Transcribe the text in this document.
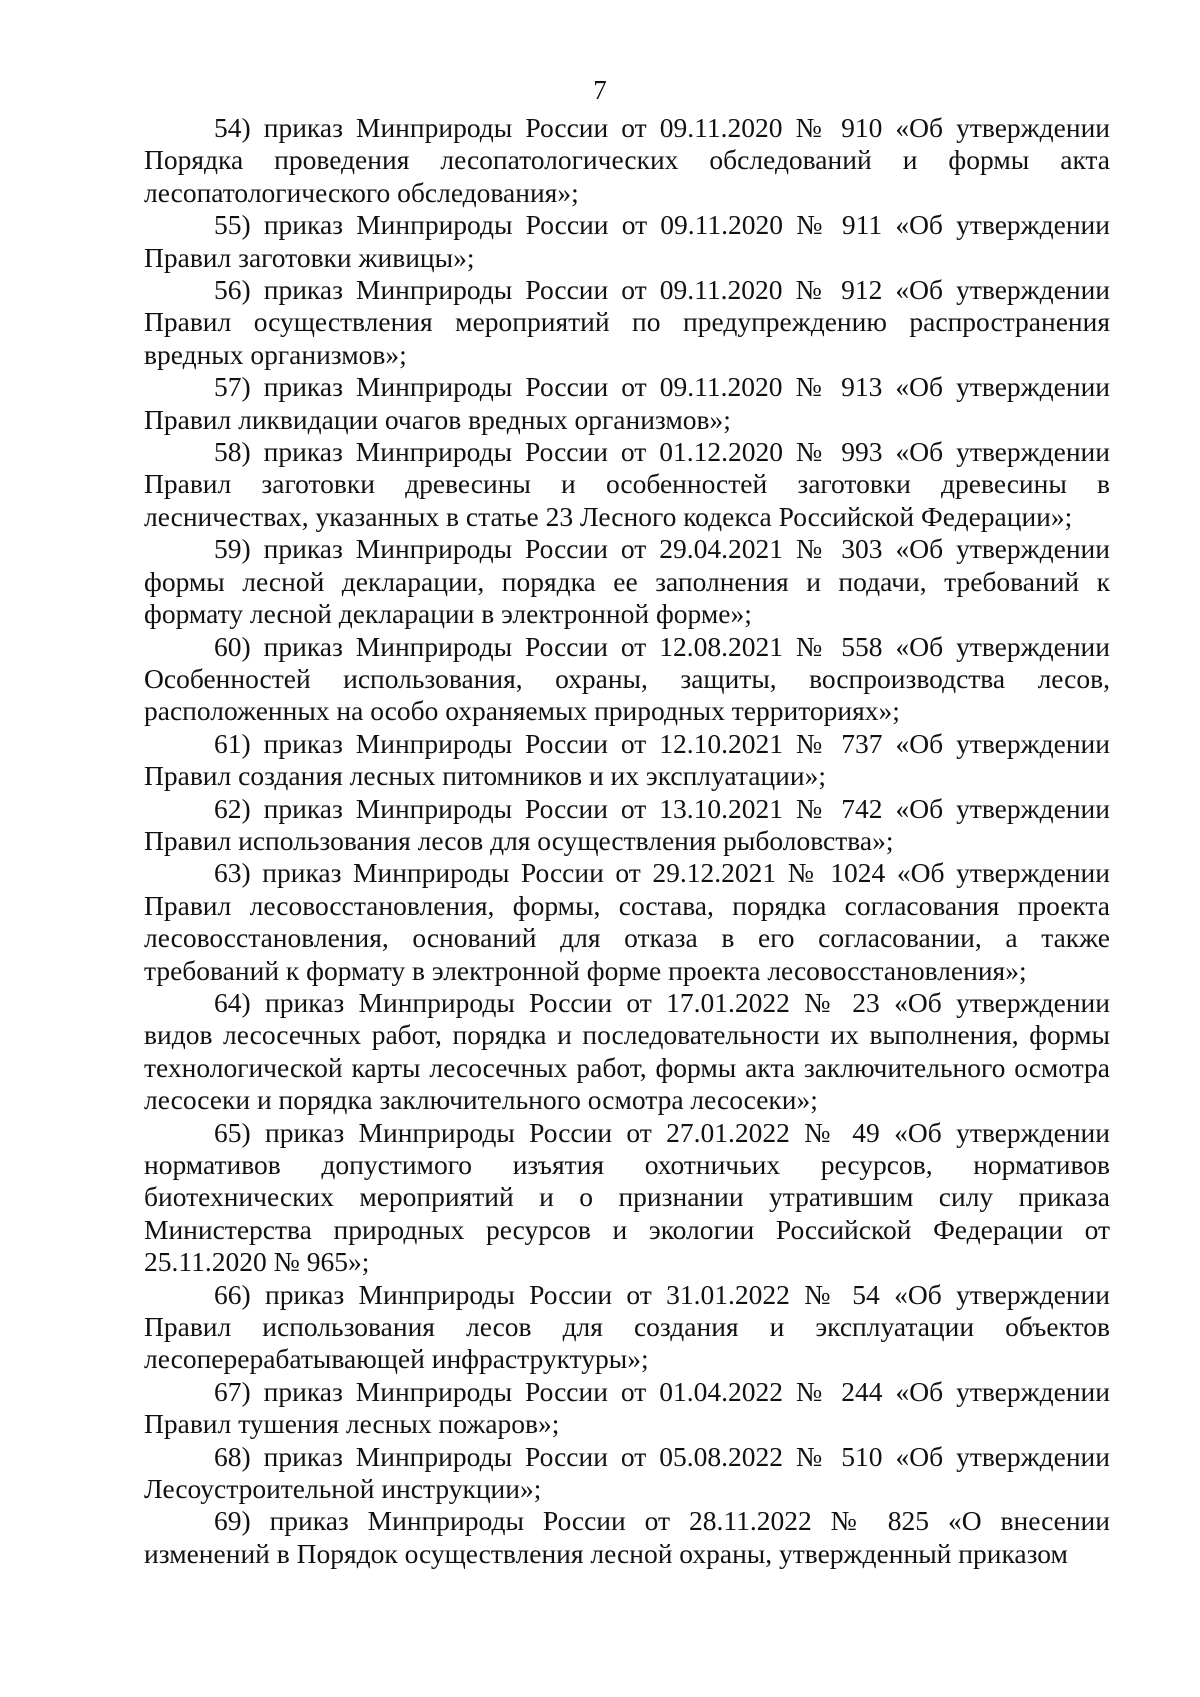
7

54) приказ Минприроды России от 09.11.2020 № 910 «Об утверждении Порядка проведения лесопатологических обследований и формы акта лесопатологического обследования»;

55) приказ Минприроды России от 09.11.2020 № 911 «Об утверждении Правил заготовки живицы»;

56) приказ Минприроды России от 09.11.2020 № 912 «Об утверждении Правил осуществления мероприятий по предупреждению распространения вредных организмов»;

57) приказ Минприроды России от 09.11.2020 № 913 «Об утверждении Правил ликвидации очагов вредных организмов»;

58) приказ Минприроды России от 01.12.2020 № 993 «Об утверждении Правил заготовки древесины и особенностей заготовки древесины в лесничествах, указанных в статье 23 Лесного кодекса Российской Федерации»;

59) приказ Минприроды России от 29.04.2021 № 303 «Об утверждении формы лесной декларации, порядка ее заполнения и подачи, требований к формату лесной декларации в электронной форме»;

60) приказ Минприроды России от 12.08.2021 № 558 «Об утверждении Особенностей использования, охраны, защиты, воспроизводства лесов, расположенных на особо охраняемых природных территориях»;

61) приказ Минприроды России от 12.10.2021 № 737 «Об утверждении Правил создания лесных питомников и их эксплуатации»;

62) приказ Минприроды России от 13.10.2021 № 742 «Об утверждении Правил использования лесов для осуществления рыболовства»;

63) приказ Минприроды России от 29.12.2021 № 1024 «Об утверждении Правил лесовосстановления, формы, состава, порядка согласования проекта лесовосстановления, оснований для отказа в его согласовании, а также требований к формату в электронной форме проекта лесовосстановления»;

64) приказ Минприроды России от 17.01.2022 № 23 «Об утверждении видов лесосечных работ, порядка и последовательности их выполнения, формы технологической карты лесосечных работ, формы акта заключительного осмотра лесосеки и порядка заключительного осмотра лесосеки»;

65) приказ Минприроды России от 27.01.2022 № 49 «Об утверждении нормативов допустимого изъятия охотничьих ресурсов, нормативов биотехнических мероприятий и о признании утратившим силу приказа Министерства природных ресурсов и экологии Российской Федерации от 25.11.2020 № 965»;

66) приказ Минприроды России от 31.01.2022 № 54 «Об утверждении Правил использования лесов для создания и эксплуатации объектов лесоперерабатывающей инфраструктуры»;

67) приказ Минприроды России от 01.04.2022 № 244 «Об утверждении Правил тушения лесных пожаров»;

68) приказ Минприроды России от 05.08.2022 № 510 «Об утверждении Лесоустроительной инструкции»;

69) приказ Минприроды России от 28.11.2022 № 825 «О внесении изменений в Порядок осуществления лесной охраны, утвержденный приказом
